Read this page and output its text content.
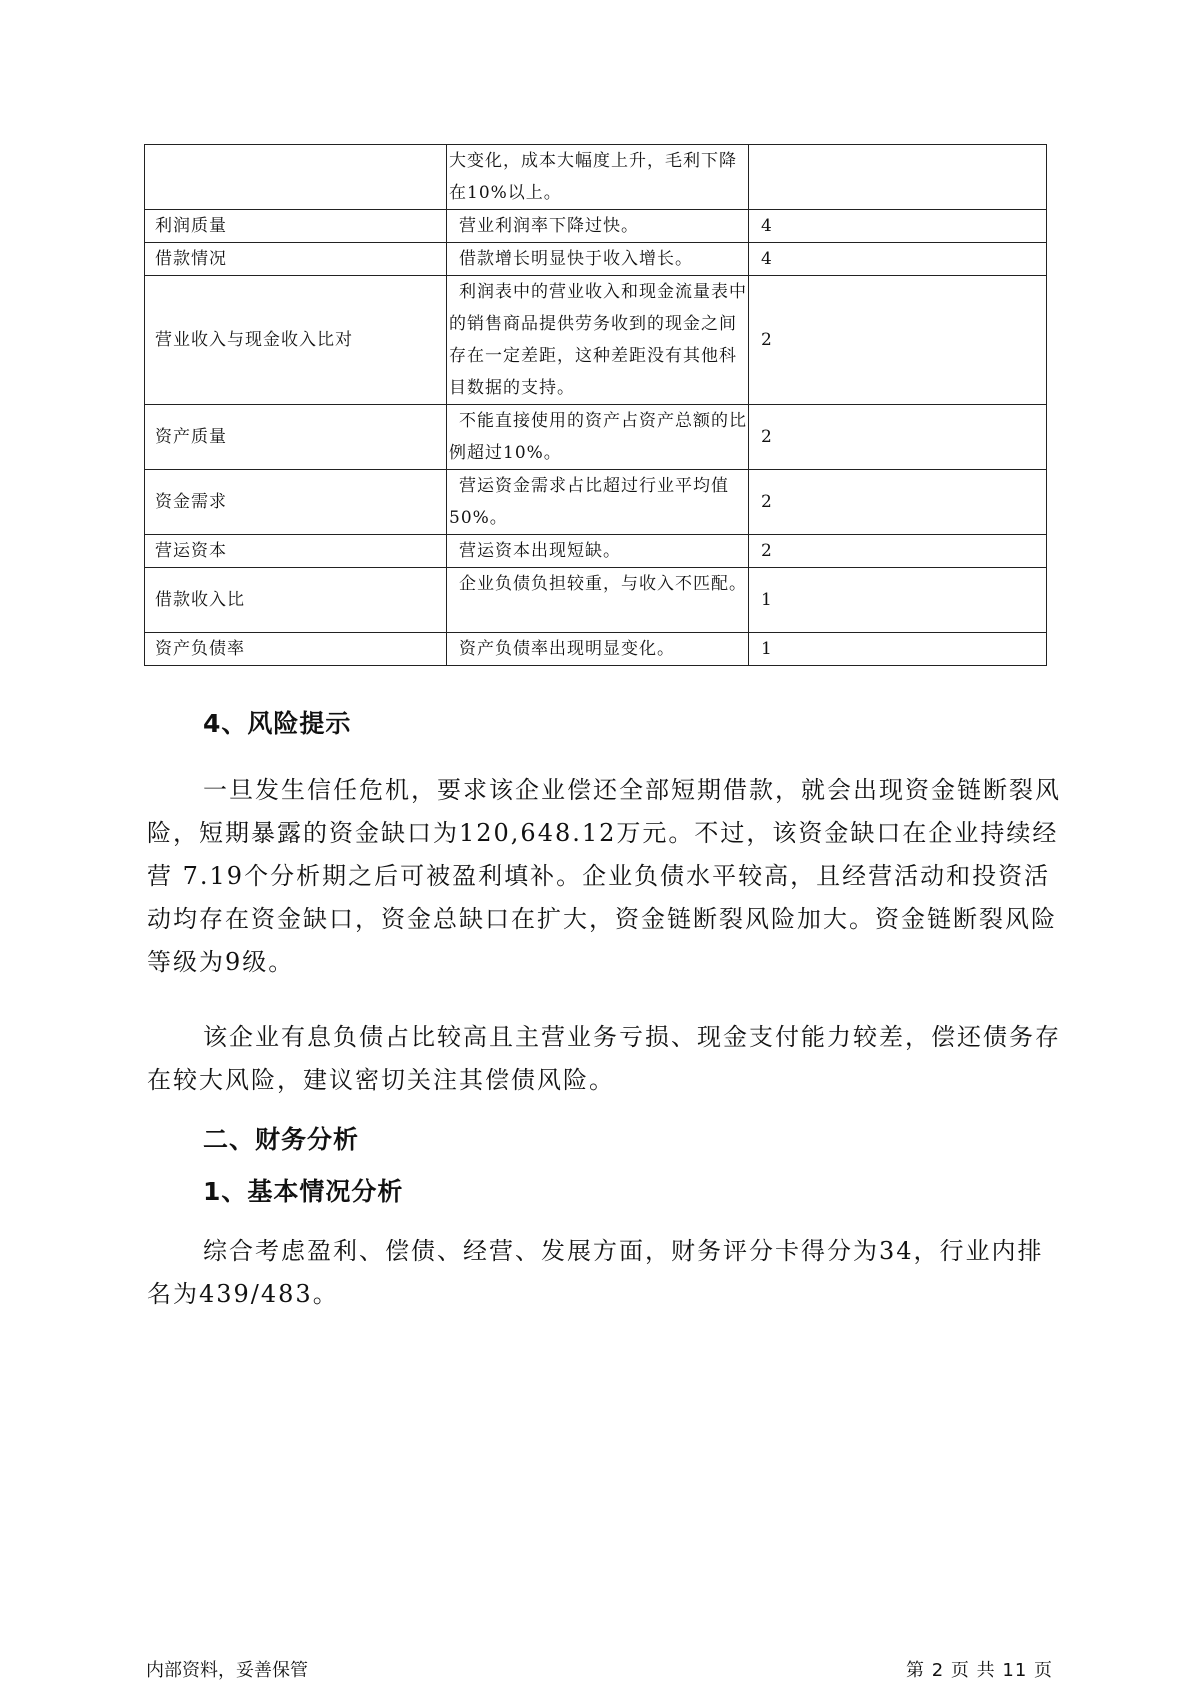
	大变化，成本大幅度上升，毛利下降在10%以上。	
利润质量	营业利润率下降过快。	4
借款情况	借款增长明显快于收入增长。	4
营业收入与现金收入比对	利润表中的营业收入和现金流量表中的销售商品提供劳务收到的现金之间存在一定差距，这种差距没有其他科目数据的支持。	2
资产质量	不能直接使用的资产占资产总额的比例超过10%。	2
资金需求	营运资金需求占比超过行业平均值50%。	2
营运资本	营运资本出现短缺。	2
借款收入比	企业负债负担较重，与收入不匹配。	1
资产负债率	资产负债率出现明显变化。	1
4、风险提示

一旦发生信任危机，要求该企业偿还全部短期借款，就会出现资金链断裂风险，短期暴露的资金缺口为120,648.12万元。不过，该资金缺口在企业持续经营 7.19个分析期之后可被盈利填补。企业负债水平较高，且经营活动和投资活动均存在资金缺口，资金总缺口在扩大，资金链断裂风险加大。资金链断裂风险等级为9级。

该企业有息负债占比较高且主营业务亏损、现金支付能力较差，偿还债务存在较大风险，建议密切关注其偿债风险。

二、财务分析
1、基本情况分析

综合考虑盈利、偿债、经营、发展方面，财务评分卡得分为34，行业内排名为439/483。

内部资料，妥善保管	第 2 页 共 11 页
